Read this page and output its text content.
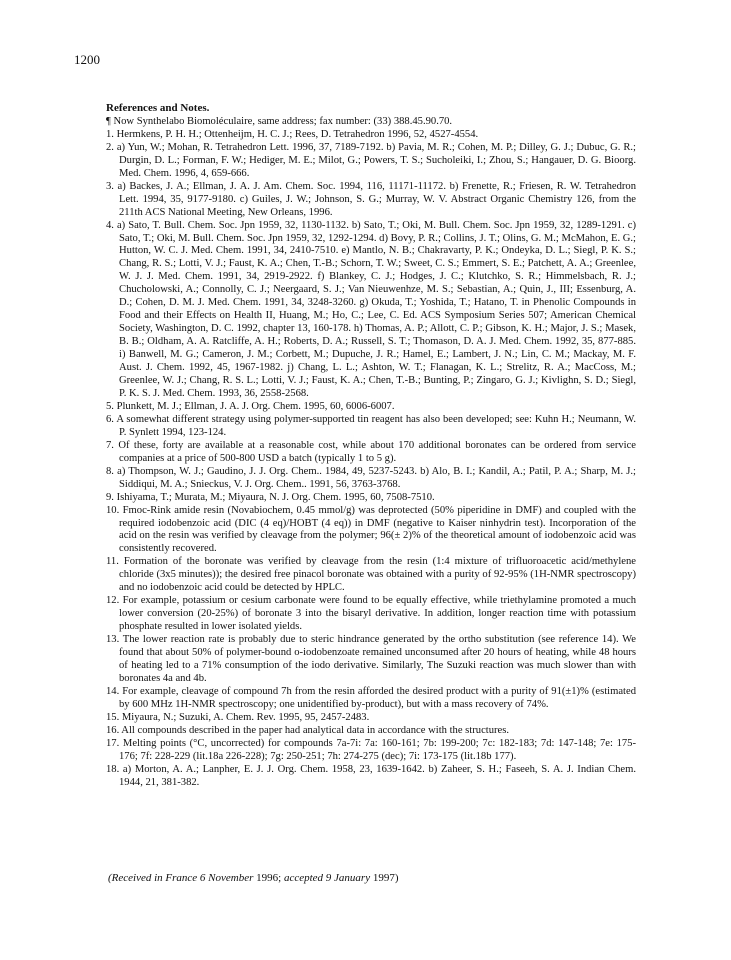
1200
References and Notes.
¶ Now Synthelabo Biomoléculaire, same address; fax number: (33) 388.45.90.70.
1. Hermkens, P. H. H.; Ottenheijm, H. C. J.; Rees, D. Tetrahedron 1996, 52, 4527-4554.
2. a) Yun, W.; Mohan, R. Tetrahedron Lett. 1996, 37, 7189-7192. b) Pavia, M. R.; Cohen, M. P.; Dilley, G. J.; Dubuc, G. R.; Durgin, D. L.; Forman, F. W.; Hediger, M. E.; Milot, G.; Powers, T. S.; Sucholeiki, I.; Zhou, S.; Hangauer, D. G. Bioorg. Med. Chem. 1996, 4, 659-666.
3. a) Backes, J. A.; Ellman, J. A. J. Am. Chem. Soc. 1994, 116, 11171-11172. b) Frenette, R.; Friesen, R. W. Tetrahedron Lett. 1994, 35, 9177-9180. c) Guiles, J. W.; Johnson, S. G.; Murray, W. V. Abstract Organic Chemistry 126, from the 211th ACS National Meeting, New Orleans, 1996.
4. a) Sato, T. Bull. Chem. Soc. Jpn 1959, 32, 1130-1132. b) Sato, T.; Oki, M. Bull. Chem. Soc. Jpn 1959, 32, 1289-1291. c) Sato, T.; Oki, M. Bull. Chem. Soc. Jpn 1959, 32, 1292-1294. d) Bovy, P. R.; Collins, J. T.; Olins, G. M.; McMahon, E. G.; Hutton, W. C. J. Med. Chem. 1991, 34, 2410-7510. e) Mantlo, N. B.; Chakravarty, P. K.; Ondeyka, D. L.; Siegl, P. K. S.; Chang, R. S.; Lotti, V. J.; Faust, K. A.; Chen, T.-B.; Schorn, T. W.; Sweet, C. S.; Emmert, S. E.; Patchett, A. A.; Greenlee, W. J. J. Med. Chem. 1991, 34, 2919-2922. f) Blankey, C. J.; Hodges, J. C.; Klutchko, S. R.; Himmelsbach, R. J.; Chucholowski, A.; Connolly, C. J.; Neergaard, S. J.; Van Nieuwenhze, M. S.; Sebastian, A.; Quin, J., III; Essenburg, A. D.; Cohen, D. M. J. Med. Chem. 1991, 34, 3248-3260. g) Okuda, T.; Yoshida, T.; Hatano, T. in Phenolic Compounds in Food and their Effects on Health II, Huang, M.; Ho, C.; Lee, C. Ed. ACS Symposium Series 507; American Chemical Society, Washington, D. C. 1992, chapter 13, 160-178. h) Thomas, A. P.; Allott, C. P.; Gibson, K. H.; Major, J. S.; Masek, B. B.; Oldham, A. A. Ratcliffe, A. H.; Roberts, D. A.; Russell, S. T.; Thomason, D. A. J. Med. Chem. 1992, 35, 877-885. i) Banwell, M. G.; Cameron, J. M.; Corbett, M.; Dupuche, J. R.; Hamel, E.; Lambert, J. N.; Lin, C. M.; Mackay, M. F. Aust. J. Chem. 1992, 45, 1967-1982. j) Chang, L. L.; Ashton, W. T.; Flanagan, K. L.; Strelitz, R. A.; MacCoss, M.; Greenlee, W. J.; Chang, R. S. L.; Lotti, V. J.; Faust, K. A.; Chen, T.-B.; Bunting, P.; Zingaro, G. J.; Kivlighn, S. D.; Siegl, P. K. S. J. Med. Chem. 1993, 36, 2558-2568.
5. Plunkett, M. J.; Ellman, J. A. J. Org. Chem. 1995, 60, 6006-6007.
6. A somewhat different strategy using polymer-supported tin reagent has also been developed; see: Kuhn H.; Neumann, W. P. Synlett 1994, 123-124.
7. Of these, forty are available at a reasonable cost, while about 170 additional boronates can be ordered from service companies at a price of 500-800 USD a batch (typically 1 to 5 g).
8. a) Thompson, W. J.; Gaudino, J. J. Org. Chem.. 1984, 49, 5237-5243. b) Alo, B. I.; Kandil, A.; Patil, P. A.; Sharp, M. J.; Siddiqui, M. A.; Snieckus, V. J. Org. Chem.. 1991, 56, 3763-3768.
9. Ishiyama, T.; Murata, M.; Miyaura, N. J. Org. Chem. 1995, 60, 7508-7510.
10. Fmoc-Rink amide resin (Novabiochem, 0.45 mmol/g) was deprotected (50% piperidine in DMF) and coupled with the required iodobenzoic acid (DIC (4 eq)/HOBT (4 eq)) in DMF (negative to Kaiser ninhydrin test). Incorporation of the acid on the resin was verified by cleavage from the polymer; 96(± 2)% of the theoretical amount of iodobenzoic acid was consistently recovered.
11. Formation of the boronate was verified by cleavage from the resin (1:4 mixture of trifluoroacetic acid/methylene chloride (3x5 minutes)); the desired free pinacol boronate was obtained with a purity of 92-95% (1H-NMR spectroscopy) and no iodobenzoic acid could be detected by HPLC.
12. For example, potassium or cesium carbonate were found to be equally effective, while triethylamine promoted a much lower conversion (20-25%) of boronate 3 into the bisaryl derivative. In addition, longer reaction time with potassium phosphate resulted in lower isolated yields.
13. The lower reaction rate is probably due to steric hindrance generated by the ortho substitution (see reference 14). We found that about 50% of polymer-bound o-iodobenzoate remained unconsumed after 20 hours of heating, while 48 hours of heating led to a 71% consumption of the iodo derivative. Similarly, The Suzuki reaction was much slower than with boronates 4a and 4b.
14. For example, cleavage of compound 7h from the resin afforded the desired product with a purity of 91(±1)% (estimated by 600 MHz 1H-NMR spectroscopy; one unidentified by-product), but with a mass recovery of 74%.
15. Miyaura, N.; Suzuki, A. Chem. Rev. 1995, 95, 2457-2483.
16. All compounds described in the paper had analytical data in accordance with the structures.
17. Melting points (°C, uncorrected) for compounds 7a-7i: 7a: 160-161; 7b: 199-200; 7c: 182-183; 7d: 147-148; 7e: 175-176; 7f: 228-229 (lit.18a 226-228); 7g: 250-251; 7h: 274-275 (dec); 7i: 173-175 (lit.18b 177).
18. a) Morton, A. A.; Lanpher, E. J. J. Org. Chem. 1958, 23, 1639-1642. b) Zaheer, S. H.; Faseeh, S. A. J. Indian Chem. 1944, 21, 381-382.
(Received in France 6 November 1996; accepted 9 January 1997)
